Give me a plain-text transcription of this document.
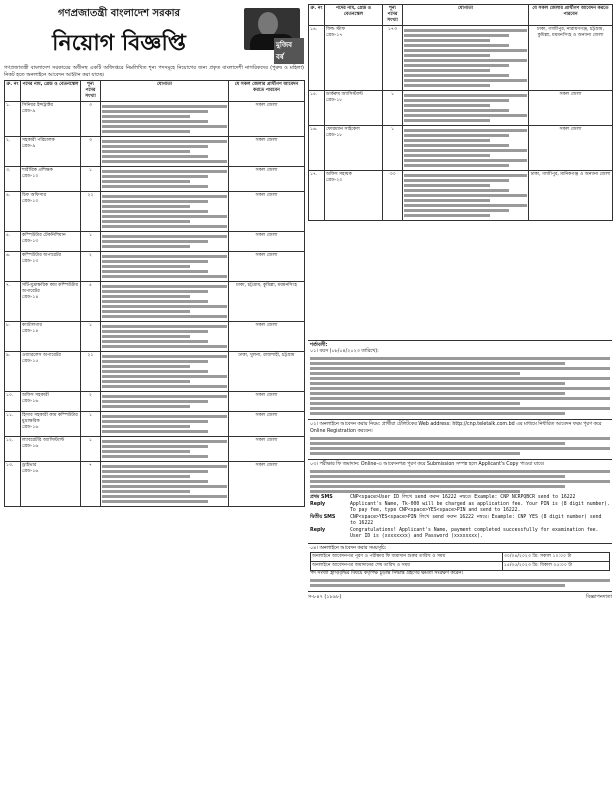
গণপ্রজাতন্ত্রী বাংলাদেশ সরকার
নিয়োগ বিজ্ঞপ্তি	মুজিব বর্ষ
গণপ্রজাতন্ত্রী বাংলাদেশ সরকারের অধীনস্থ একটি অধিদপ্তরে নিম্নলিখিত শূন্য পদসমূহে নিয়োগের জন্য প্রকৃত বাংলাদেশী নাগরিকদের (পুরুষ ও মহিলা) নিকট হতে অনলাইনে আবেদন আহ্বান করা যাচ্ছে।
ক্র. নং	পদের নাম, গ্রেড ও বেতনস্কেল	শূন্য পদের সংখ্যা	যোগ্যতা	যে সকল জেলার প্রার্থীগণ আবেদন করতে পারবেন
১.	সিনিয়র ইন্সট্রাক্টর
গ্রেড-৯	৩		সকল জেলা
২.	সহকারী পরিচালক
গ্রেড-৯	৩		সকল জেলা
৩.	শারীরিক প্রশিক্ষক
গ্রেড-১০	১		সকল জেলা
৪.	চিফ অফিসার
গ্রেড-১০	২২		সকল জেলা
৫.	কম্পিউটার টেকনিশিয়ান
গ্রেড-১৩	১		সকল জেলা
৬.	কম্পিউটার অপারেটর
গ্রেড-১৩	২		সকল জেলা
৭.	সাঁট-মুদ্রাক্ষরিক কাম কম্পিউটার অপারেটর
গ্রেড-১৪	৫		ঢাকা, চট্টগ্রাম, কুমিল্লা, ময়মনসিংহ
৮.	ক্যাটালগার
গ্রেড-১৪	১		সকল জেলা
৯.	ওয়্যারলেস অপারেটর
গ্রেড-১৫	২১		ঢাকা, খুলনা, রাজশাহী, চট্টগ্রাম
১০.	অফিস সহকারী
গ্রেড-১৬	২		সকল জেলা
১১.	হিসাব সহকারী কাম কম্পিউটার মুদ্রাক্ষরিক
গ্রেড-১৬	১		সকল জেলা
১২.	ল্যাবরেটরি অ্যাসিস্ট্যান্ট
গ্রেড-১৬	১		সকল জেলা
১৩.	ড্রাইভার
গ্রেড-১৬	৭		সকল জেলা
ক্র. নং	পদের নাম, গ্রেড ও বেতনস্কেল	শূন্য পদের সংখ্যা	যোগ্যতা	যে সকল জেলার প্রার্থীগণ আবেদন করতে পারবেন
১৪.	ফিল্ড স্টাফ
গ্রেড-১৭	১৭৩		ঢাকা, গাজীপুর, নারায়ণগঞ্জ, চট্টগ্রাম, কুমিল্লা, ময়মনসিংহ ও অন্যান্য জেলা
১৫.	ডার্করুম অ্যাসিস্ট্যান্ট
গ্রেড-১৮	১		সকল জেলা
১৬.	ফোরম্যান সাইকেল
গ্রেড-১৮	১		সকল জেলা
১৭.	অফিস সহায়ক
গ্রেড-২০	৩৩		ঢাকা, গাজীপুর, মানিকগঞ্জ ও অন্যান্য জেলা
শর্তাবলী:
০১। বয়স (০৮/০৪/২০২৩ তারিখে):
০২। অনলাইনে আবেদন করার নিয়ম: প্রার্থীরা টেলিটকের Web address: http://cnp.teletalk.com.bd এর মাধ্যমে নির্ধারিত আবেদন ফরম পূরণ করে Online Registration করবেন।
০৩। পরীক্ষার ফি জমাদান: Online-এ আবেদনপত্র পূরণ করে Submission সম্পন্ন হলে Applicant's Copy পাওয়া যাবে।
প্রথম SMS	CNP<space>User ID লিখে send করুন 16222 নম্বরে। Example: CNP NCRPQBCR send to 16222
Reply	Applicant's Name, Tk-000 will be charged as application fee. Your PIN is (8 digit number). To pay fee, type CNP<space>YES<space>PIN and send to 16222.
দ্বিতীয় SMS	CNP<space>YES<space>PIN লিখে send করুন 16222 নম্বরে। Example: CNP YES (8 digit number) send to 16222
Reply	Congratulations! Applicant's Name, payment completed successfully for examination fee. User ID is (xxxxxxxx) and Password (xxxxxxxx).
০৪। অনলাইনে আবেদন করার সময়সূচি:
অনলাইনে আবেদনপত্র পূরণ ও পরীক্ষার ফি জমাদান শুরুর তারিখ ও সময়	৩০/০৪/২০২৩ খ্রি: সকাল ১০:০০ টা
অনলাইনে আবেদনপত্র জমাদানের শেষ তারিখ ও সময়	১৫/০৫/২০২৩ খ্রি: বিকাল ০৫:০০ টা
পদ সংখ্যা হ্রাস/বৃদ্ধির বিষয়ে কর্তৃপক্ষ চূড়ান্ত সিদ্ধান্ত গ্রহণের ক্ষমতা সংরক্ষণ করেন।
স-৮৪৭ (১৮৯৮)	বিজ্ঞাপনদাতা
